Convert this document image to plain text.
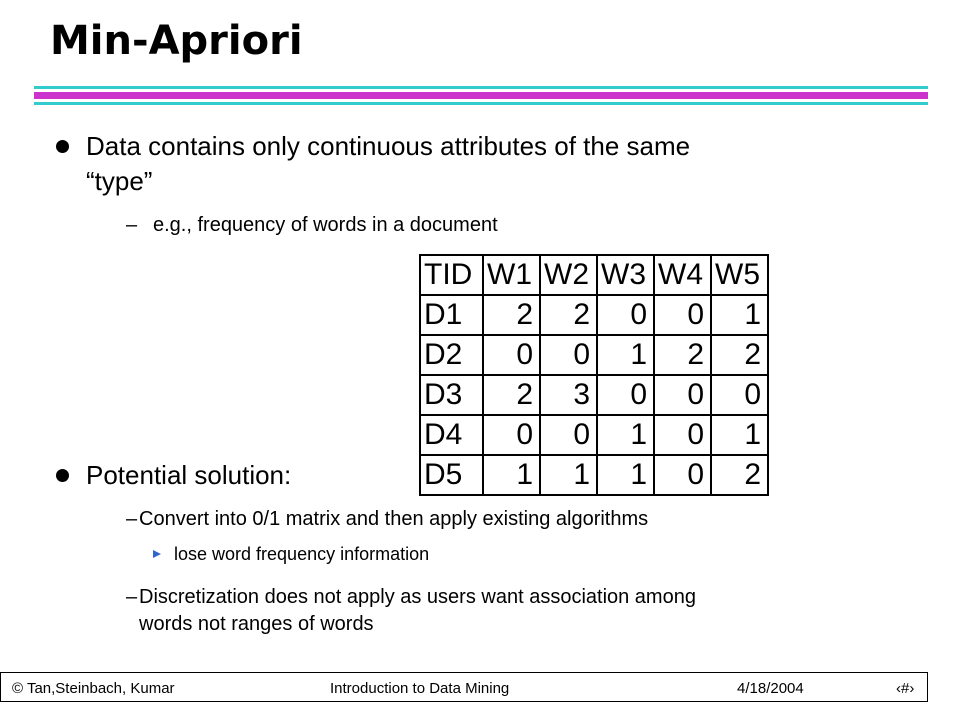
Min-Apriori
Data contains only continuous attributes of the same
“type”
– e.g., frequency of words in a document
TID	W1	W2	W3	W4	W5
D1	2	2	0	0	1
D2	0	0	1	2	2
D3	2	3	0	0	0
D4	0	0	1	0	1
D5	1	1	1	0	2
Potential solution:
– Convert into 0/1 matrix and then apply existing algorithms
lose word frequency information
– Discretization does not apply as users want association among
words not ranges of words
© Tan,Steinbach, Kumar	Introduction to Data Mining	4/18/2004	‹#›
